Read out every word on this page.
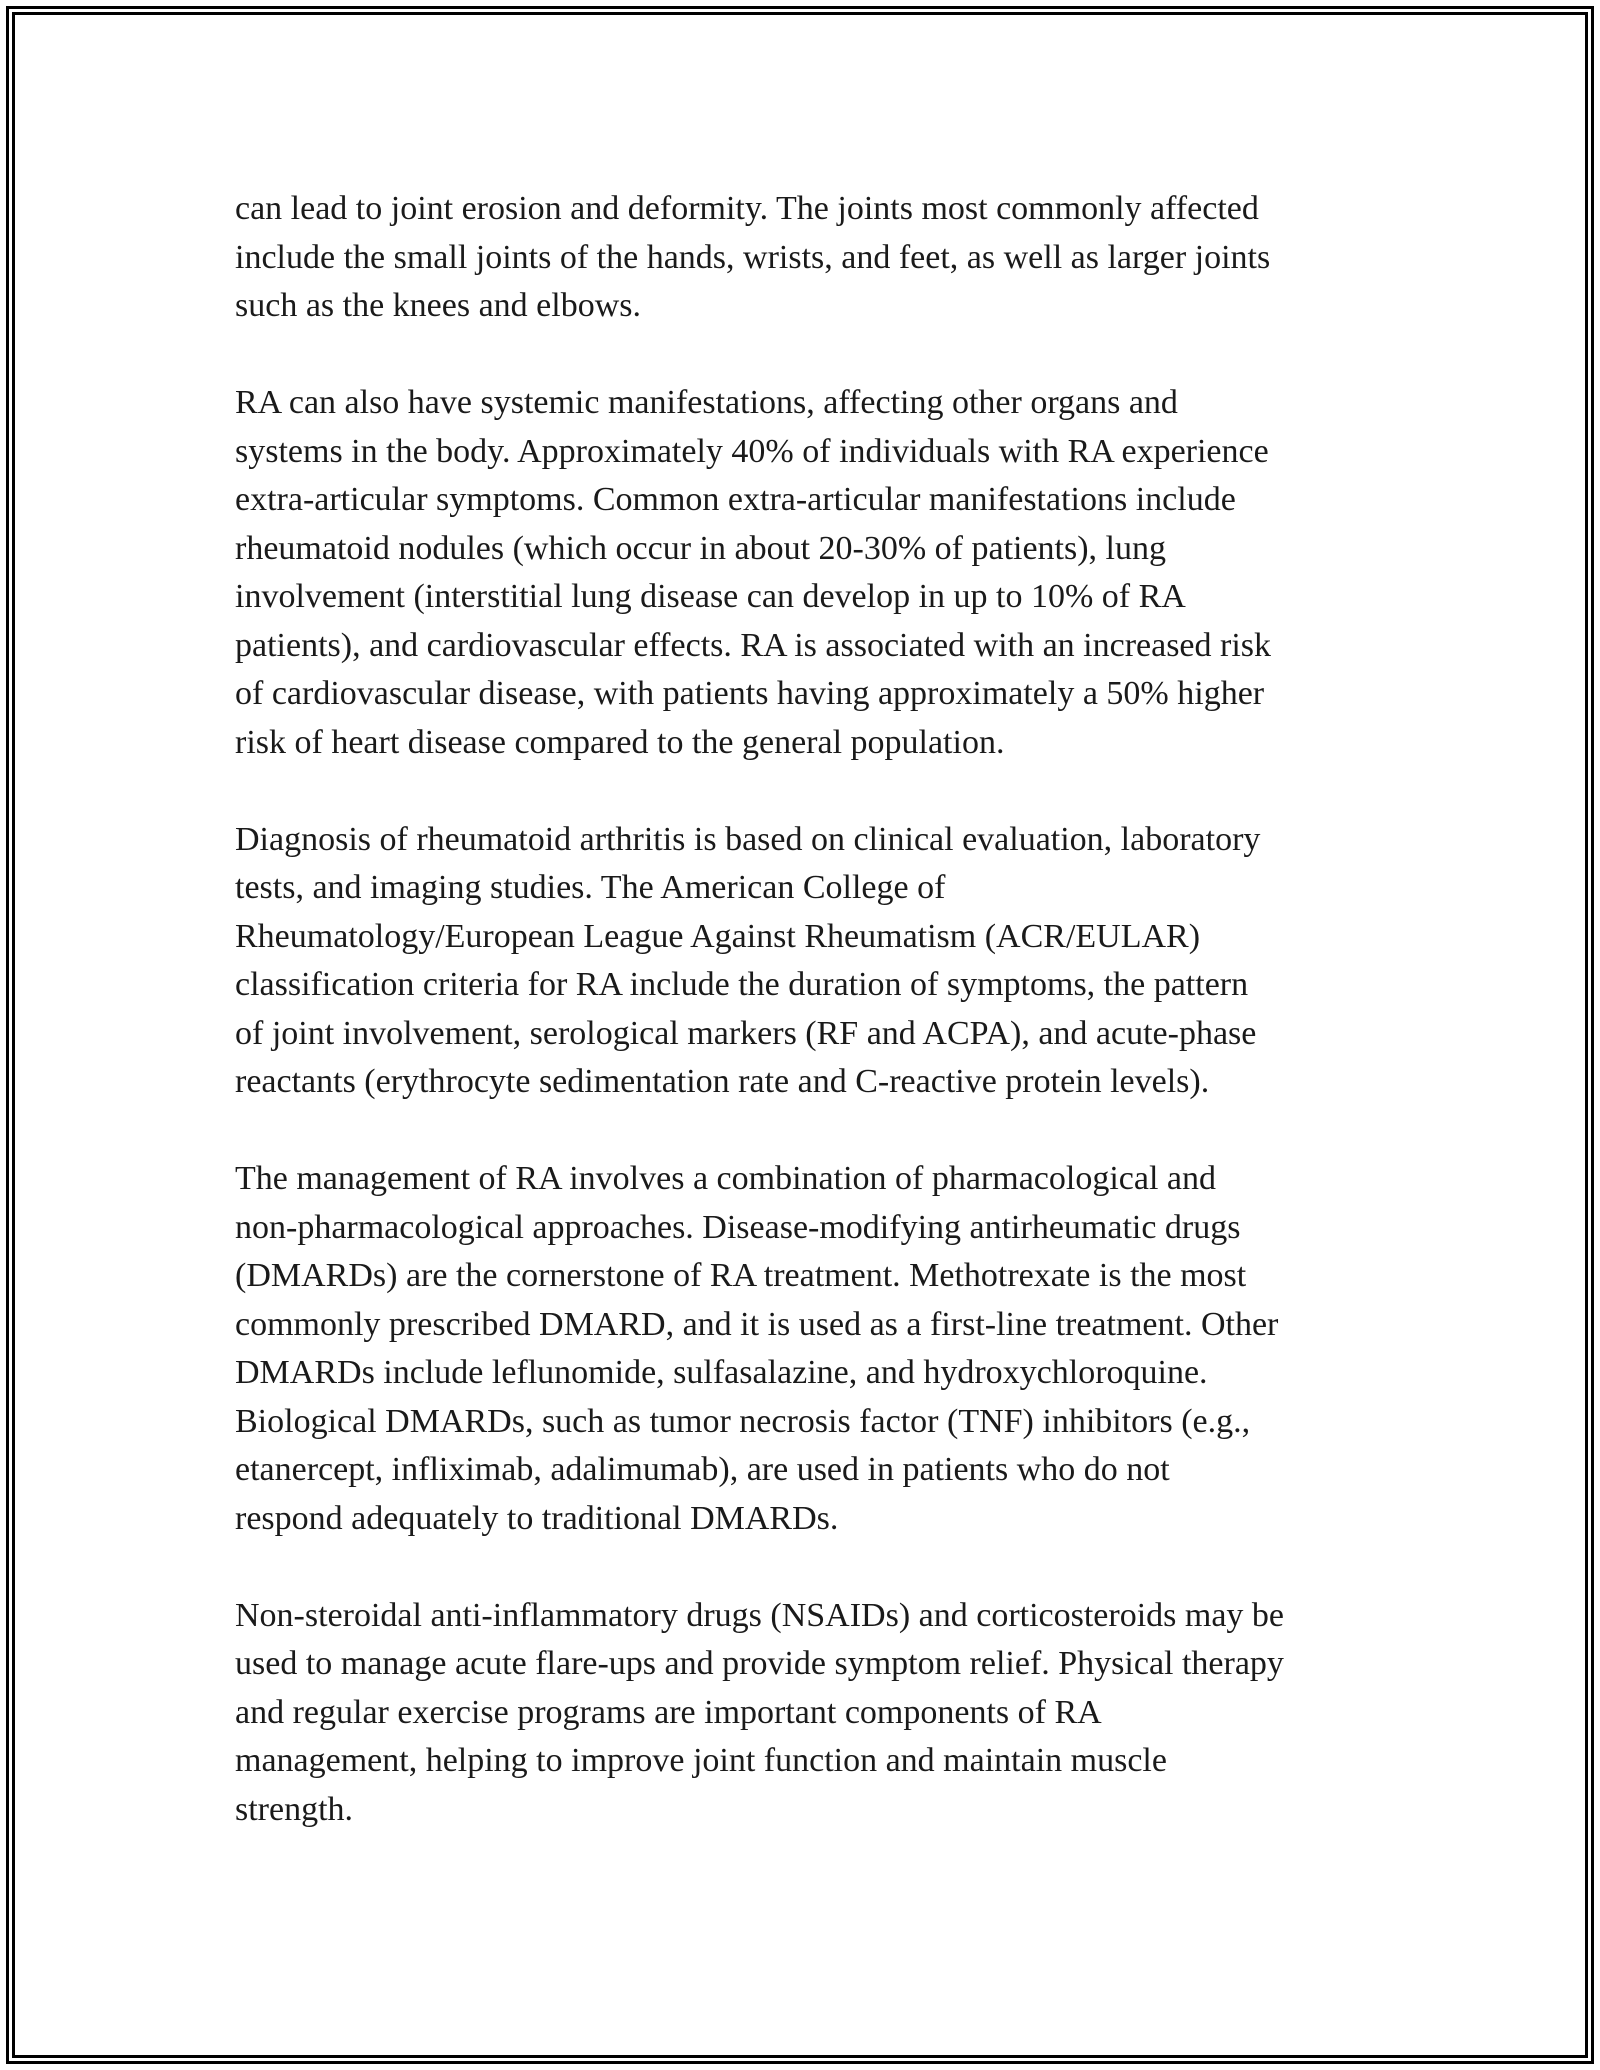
can lead to joint erosion and deformity. The joints most commonly affected
include the small joints of the hands, wrists, and feet, as well as larger joints
such as the knees and elbows.

RA can also have systemic manifestations, affecting other organs and
systems in the body. Approximately 40% of individuals with RA experience
extra-articular symptoms. Common extra-articular manifestations include
rheumatoid nodules (which occur in about 20-30% of patients), lung
involvement (interstitial lung disease can develop in up to 10% of RA
patients), and cardiovascular effects. RA is associated with an increased risk
of cardiovascular disease, with patients having approximately a 50% higher
risk of heart disease compared to the general population.

Diagnosis of rheumatoid arthritis is based on clinical evaluation, laboratory
tests, and imaging studies. The American College of
Rheumatology/European League Against Rheumatism (ACR/EULAR)
classification criteria for RA include the duration of symptoms, the pattern
of joint involvement, serological markers (RF and ACPA), and acute-phase
reactants (erythrocyte sedimentation rate and C-reactive protein levels).

The management of RA involves a combination of pharmacological and
non-pharmacological approaches. Disease-modifying antirheumatic drugs
(DMARDs) are the cornerstone of RA treatment. Methotrexate is the most
commonly prescribed DMARD, and it is used as a first-line treatment. Other
DMARDs include leflunomide, sulfasalazine, and hydroxychloroquine.
Biological DMARDs, such as tumor necrosis factor (TNF) inhibitors (e.g.,
etanercept, infliximab, adalimumab), are used in patients who do not
respond adequately to traditional DMARDs.

Non-steroidal anti-inflammatory drugs (NSAIDs) and corticosteroids may be
used to manage acute flare-ups and provide symptom relief. Physical therapy
and regular exercise programs are important components of RA
management, helping to improve joint function and maintain muscle
strength.
